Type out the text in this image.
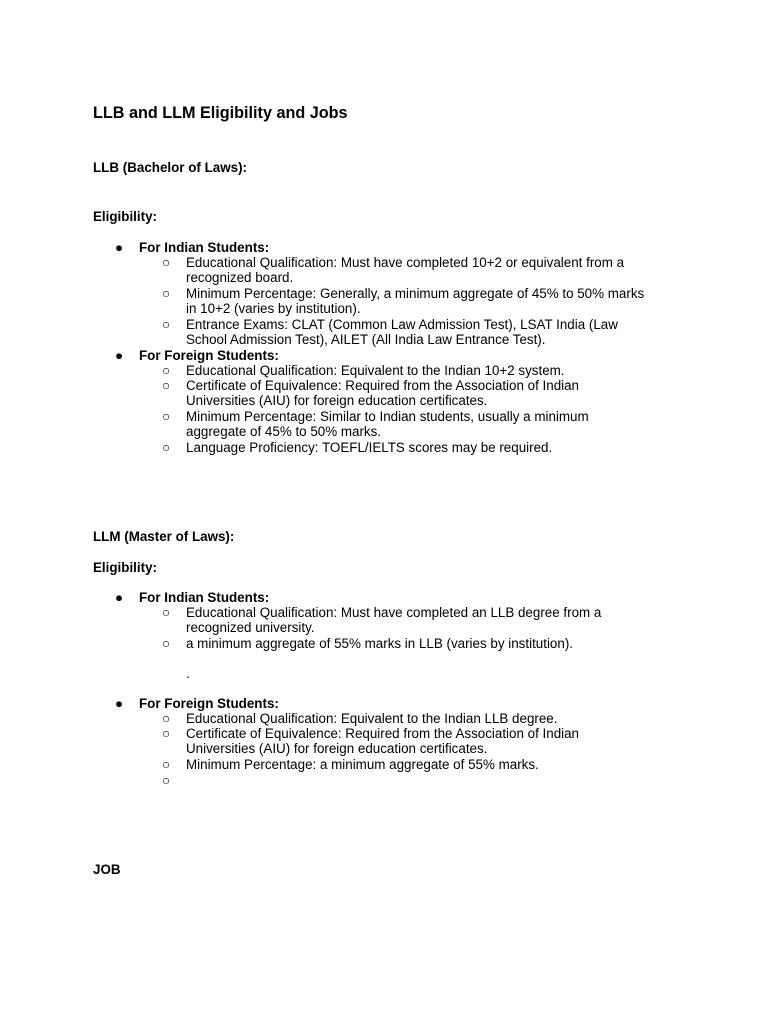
LLB and LLM Eligibility and Jobs
LLB (Bachelor of Laws):
Eligibility:
● For Indian Students:
○ Educational Qualification: Must have completed 10+2 or equivalent from a
recognized board.
○ Minimum Percentage: Generally, a minimum aggregate of 45% to 50% marks
in 10+2 (varies by institution).
○ Entrance Exams: CLAT (Common Law Admission Test), LSAT India (Law
School Admission Test), AILET (All India Law Entrance Test).
● For Foreign Students:
○ Educational Qualification: Equivalent to the Indian 10+2 system.
○ Certificate of Equivalence: Required from the Association of Indian
Universities (AIU) for foreign education certificates.
○ Minimum Percentage: Similar to Indian students, usually a minimum
aggregate of 45% to 50% marks.
○ Language Proficiency: TOEFL/IELTS scores may be required.
LLM (Master of Laws):
Eligibility:
● For Indian Students:
○ Educational Qualification: Must have completed an LLB degree from a
recognized university.
○ a minimum aggregate of 55% marks in LLB (varies by institution).
.
● For Foreign Students:
○ Educational Qualification: Equivalent to the Indian LLB degree.
○ Certificate of Equivalence: Required from the Association of Indian
Universities (AIU) for foreign education certificates.
○ Minimum Percentage: a minimum aggregate of 55% marks.
○
JOB
